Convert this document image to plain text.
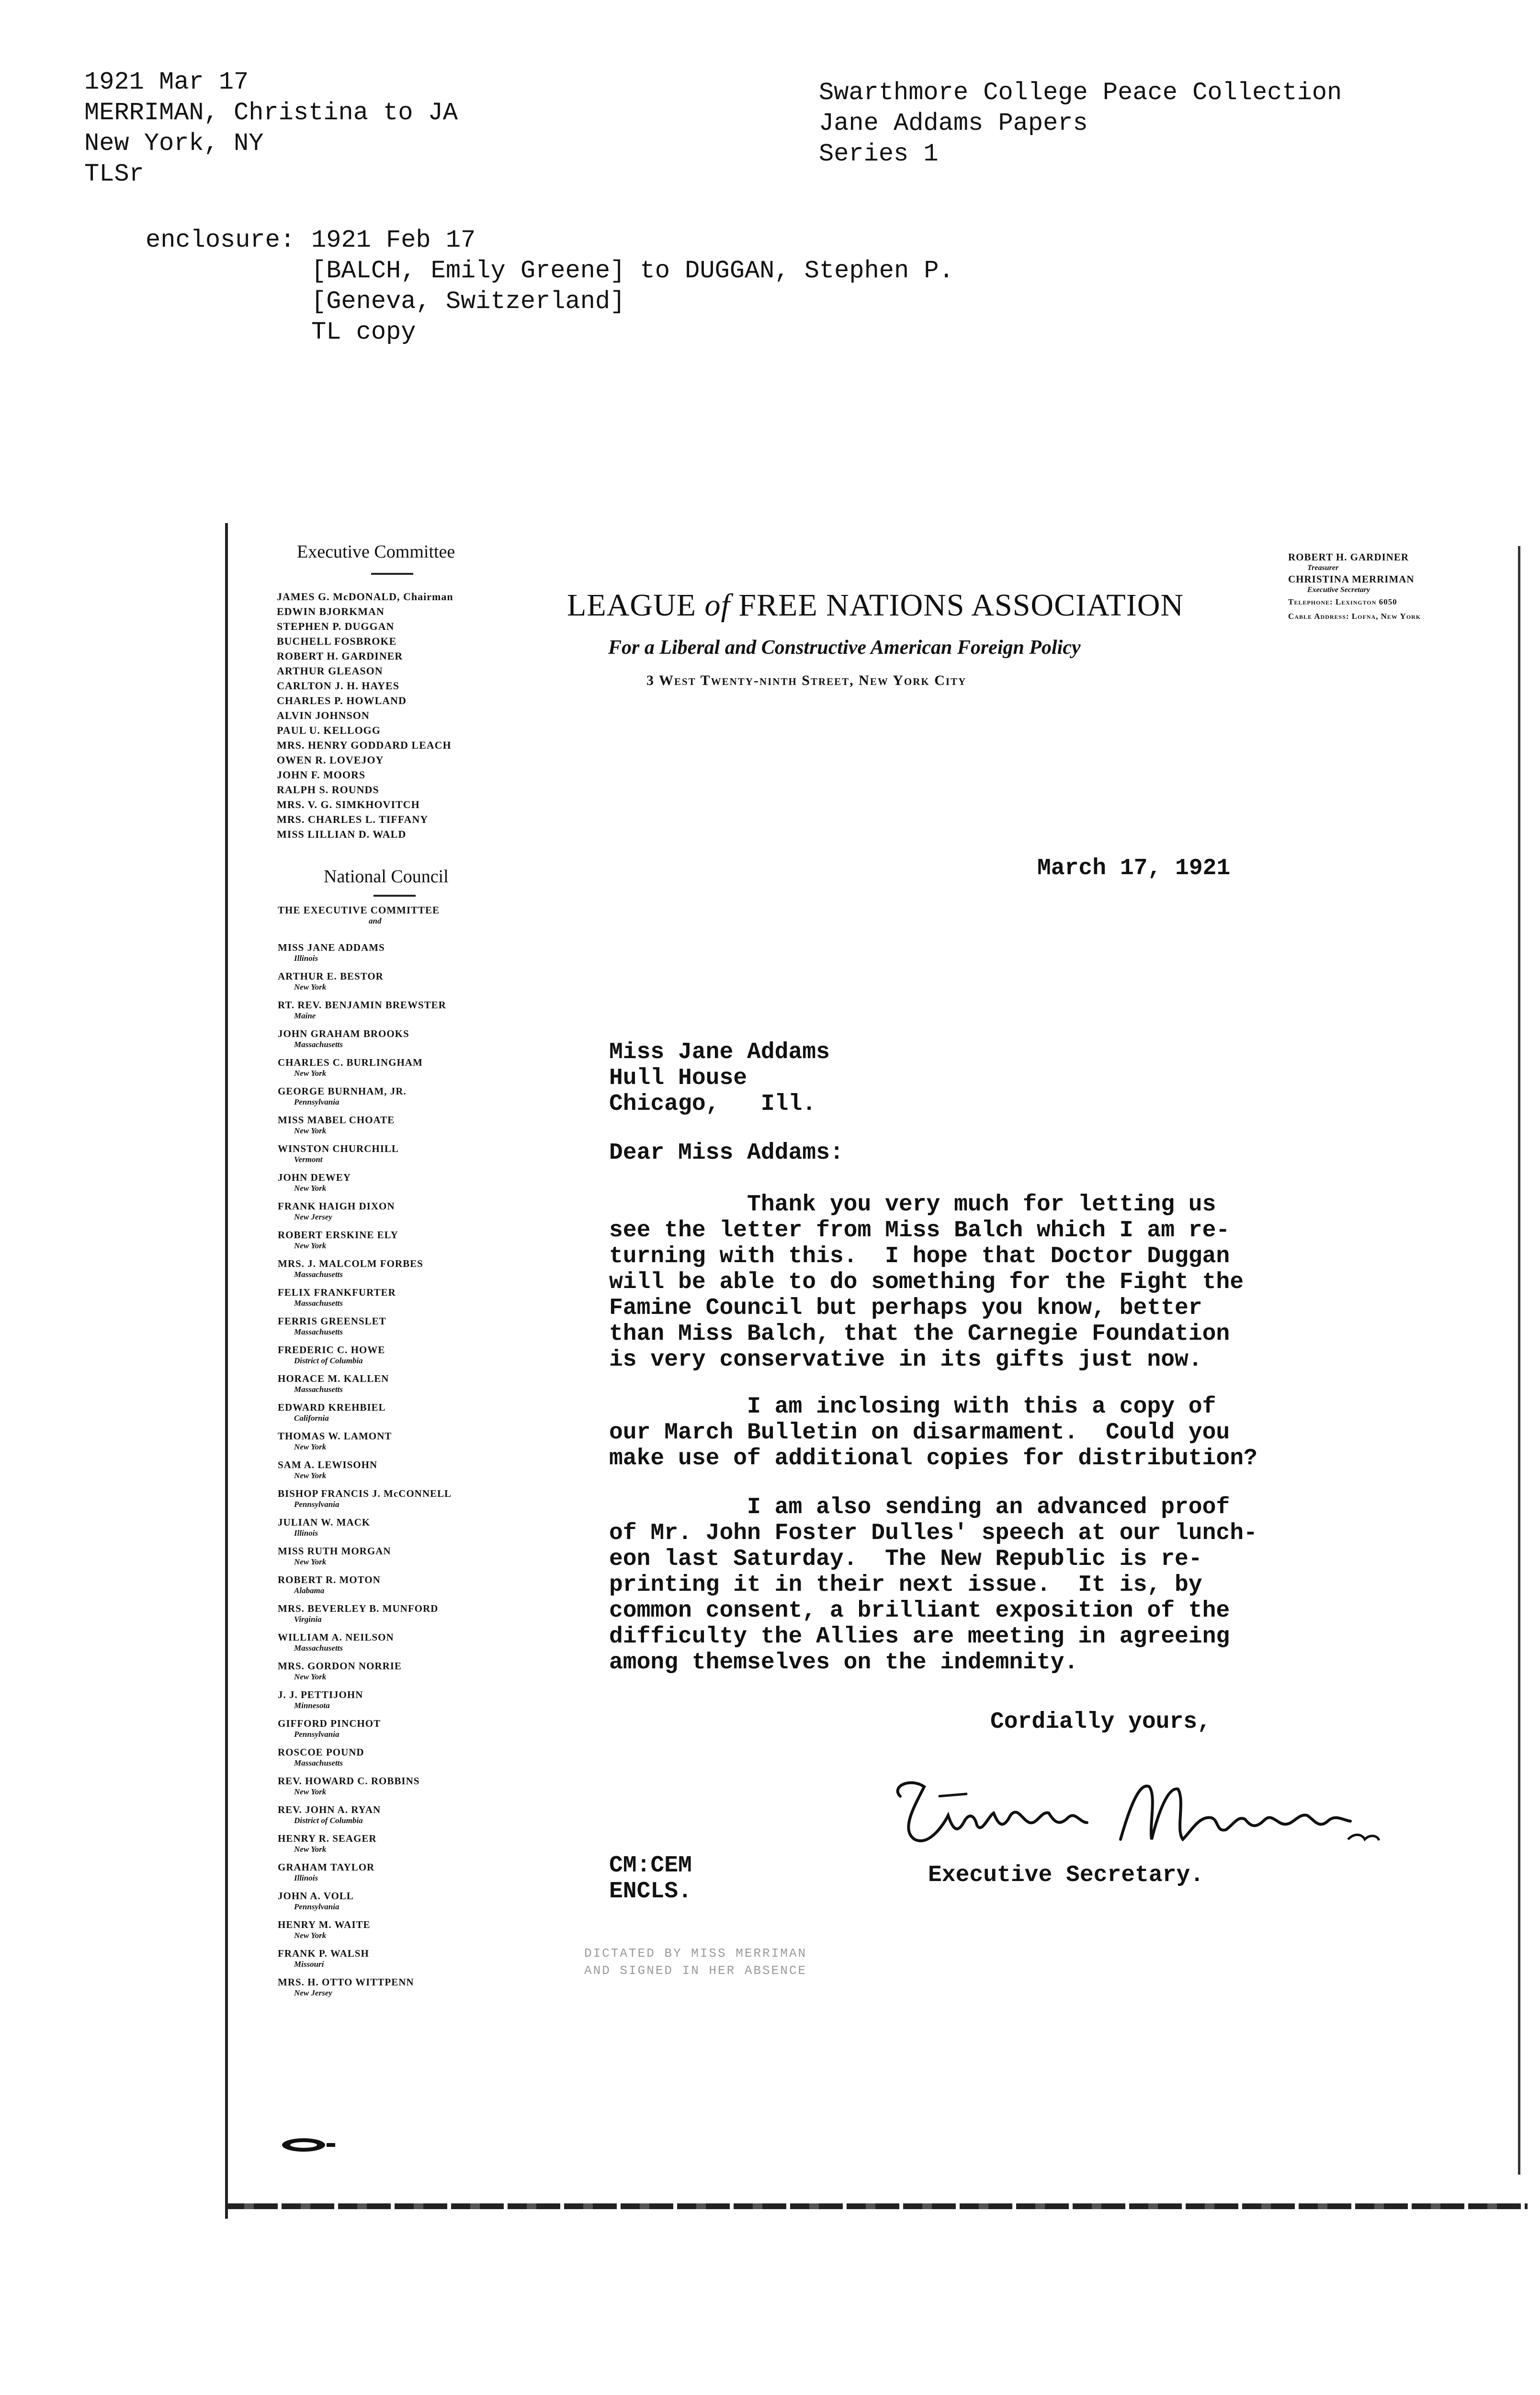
1921 Mar 17
MERRIMAN, Christina to JA
New York, NY
TLSr
Swarthmore College Peace Collection
Jane Addams Papers
Series 1
enclosure: 1921 Feb 17
[BALCH, Emily Greene] to DUGGAN, Stephen P.
[Geneva, Switzerland]
TL copy
Executive Committee
JAMES G. McDONALD, Chairman
EDWIN BJORKMAN
STEPHEN P. DUGGAN
BUCHELL FOSBROKE
ROBERT H. GARDINER
ARTHUR GLEASON
CARLTON J. H. HAYES
CHARLES P. HOWLAND
ALVIN JOHNSON
PAUL U. KELLOGG
MRS. HENRY GODDARD LEACH
OWEN R. LOVEJOY
JOHN F. MOORS
RALPH S. ROUNDS
MRS. V. G. SIMKHOVITCH
MRS. CHARLES L. TIFFANY
MISS LILLIAN D. WALD
National Council
THE EXECUTIVE COMMITTEE
and
MISS JANE ADDAMS
Illinois
ARTHUR E. BESTOR
New York
RT. REV. BENJAMIN BREWSTER
Maine
JOHN GRAHAM BROOKS
Massachusetts
CHARLES C. BURLINGHAM
New York
GEORGE BURNHAM, JR.
Pennsylvania
MISS MABEL CHOATE
New York
WINSTON CHURCHILL
Vermont
JOHN DEWEY
New York
FRANK HAIGH DIXON
New Jersey
ROBERT ERSKINE ELY
New York
MRS. J. MALCOLM FORBES
Massachusetts
FELIX FRANKFURTER
Massachusetts
FERRIS GREENSLET
Massachusetts
FREDERIC C. HOWE
District of Columbia
HORACE M. KALLEN
Massachusetts
EDWARD KREHBIEL
California
THOMAS W. LAMONT
New York
SAM A. LEWISOHN
New York
BISHOP FRANCIS J. McCONNELL
Pennsylvania
JULIAN W. MACK
Illinois
MISS RUTH MORGAN
New York
ROBERT R. MOTON
Alabama
MRS. BEVERLEY B. MUNFORD
Virginia
WILLIAM A. NEILSON
Massachusetts
MRS. GORDON NORRIE
New York
J. J. PETTIJOHN
Minnesota
GIFFORD PINCHOT
Pennsylvania
ROSCOE POUND
Massachusetts
REV. HOWARD C. ROBBINS
New York
REV. JOHN A. RYAN
District of Columbia
HENRY R. SEAGER
New York
GRAHAM TAYLOR
Illinois
JOHN A. VOLL
Pennsylvania
HENRY M. WAITE
New York
FRANK P. WALSH
Missouri
MRS. H. OTTO WITTPENN
New Jersey
LEAGUE of FREE NATIONS ASSOCIATION
For a Liberal and Constructive American Foreign Policy
3 West Twenty-ninth Street, New York City
ROBERT H. GARDINER
Treasurer
CHRISTINA MERRIMAN
Executive Secretary
Telephone: Lexington 6050
Cable Address: Lofna, New York
March 17, 1921
Miss Jane Addams
Hull House
Chicago,   Ill.
Dear Miss Addams:
Thank you very much for letting us
see the letter from Miss Balch which I am re-
turning with this.  I hope that Doctor Duggan
will be able to do something for the Fight the
Famine Council but perhaps you know, better
than Miss Balch, that the Carnegie Foundation
is very conservative in its gifts just now.
I am inclosing with this a copy of
our March Bulletin on disarmament.  Could you
make use of additional copies for distribution?
I am also sending an advanced proof
of Mr. John Foster Dulles' speech at our lunch-
eon last Saturday.  The New Republic is re-
printing it in their next issue.  It is, by
common consent, a brilliant exposition of the
difficulty the Allies are meeting in agreeing
among themselves on the indemnity.
Cordially yours,
Executive Secretary.
CM:CEM
ENCLS.
DICTATED BY MISS MERRIMAN
AND SIGNED IN HER ABSENCE
